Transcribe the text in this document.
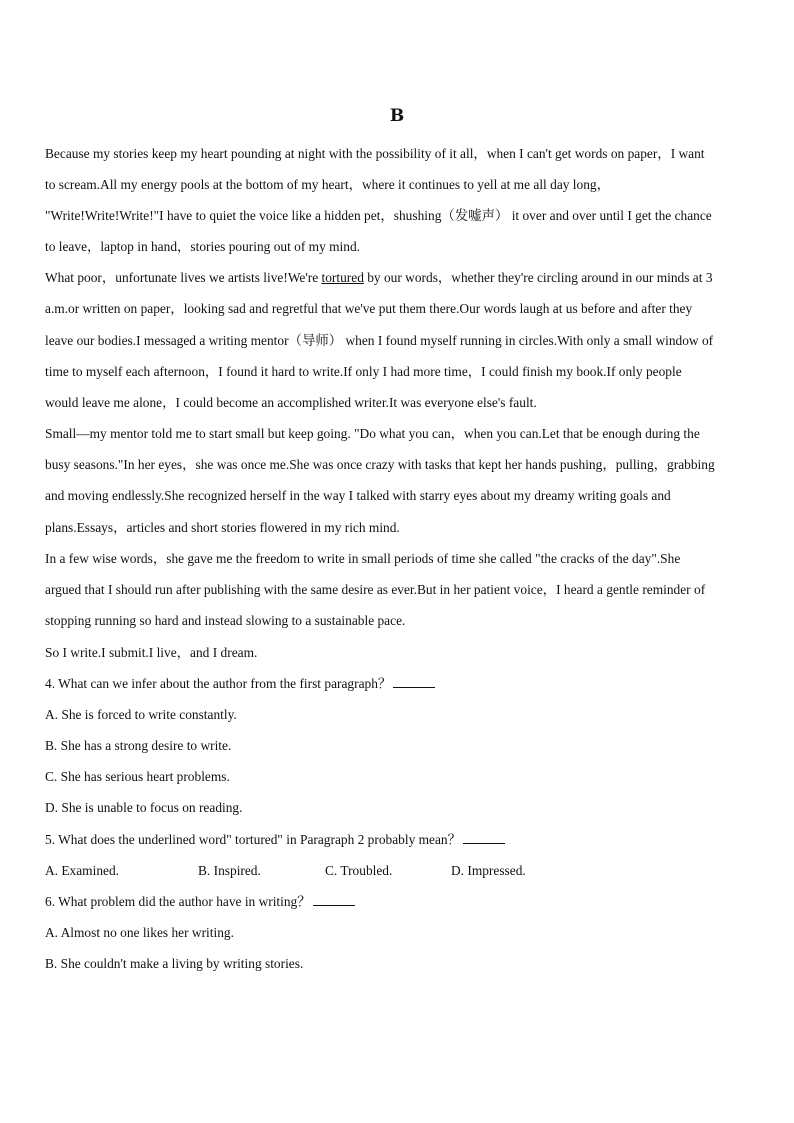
B
Because my stories keep my heart pounding at night with the possibility of it all，when I can't get words on paper，I want
to scream.All my energy pools at the bottom of my heart，where it continues to yell at me all day long，
"Write!Write!Write!"I have to quiet the voice like a hidden pet，shushing（发嘘声） it over and over until I get the chance
to leave，laptop in hand，stories pouring out of my mind.
What poor，unfortunate lives we artists live!We're tortured by our words，whether they're circling around in our minds at 3
a.m.or written on paper，looking sad and regretful that we've put them there.Our words laugh at us before and after they
leave our bodies.I messaged a writing mentor（导师） when I found myself running in circles.With only a small window of
time to myself each afternoon，I found it hard to write.If only I had more time，I could finish my book.If only people
would leave me alone，I could become an accomplished writer.It was everyone else's fault.
Small—my mentor told me to start small but keep going. "Do what you can，when you can.Let that be enough during the
busy seasons."In her eyes，she was once me.She was once crazy with tasks that kept her hands pushing，pulling，grabbing
and moving endlessly.She recognized herself in the way I talked with starry eyes about my dreamy writing goals and
plans.Essays，articles and short stories flowered in my rich mind.
In a few wise words，she gave me the freedom to write in small periods of time she called "the cracks of the day".She
argued that I should run after publishing with the same desire as ever.But in her patient voice，I heard a gentle reminder of
stopping running so hard and instead slowing to a sustainable pace.
So I write.I submit.I live，and I dream.
4. What can we infer about the author from the first paragraph？
A. She is forced to write constantly.
B. She has a strong desire to write.
C. She has serious heart problems.
D. She is unable to focus on reading.
5. What does the underlined word" tortured" in Paragraph 2 probably mean？
A. Examined.	B. Inspired.	C. Troubled.	D. Impressed.
6. What problem did the author have in writing？
A. Almost no one likes her writing.
B. She couldn't make a living by writing stories.
